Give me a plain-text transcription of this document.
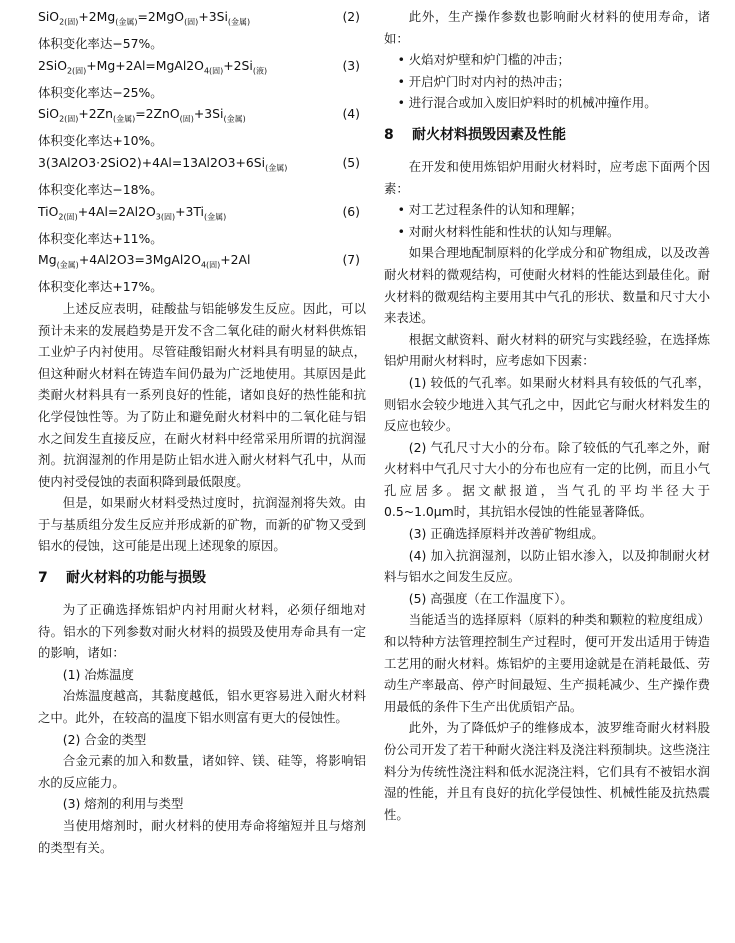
$SiO_{2(固)}+2Mg_{(金属)}=2MgO_{(固)}+3Si_{(金属)}$	(2)

体积变化率达−57%。

$2SiO_{2(固)}+Mg+2Al=MgAl2O_{4(固)}+2Si_{(液)}$	(3)

体积变化率达−25%。

$SiO_{2(固)}+2Zn_{(金属)}=2ZnO_{(固)}+3Si_{(金属)}$	(4)

体积变化率达+10%。

$3(3Al2O3\cdot 2SiO2)+4Al=13Al2O3+6Si_{(金属)}$	(5)

体积变化率达−18%。

$TiO_{2(固)}+4Al=2Al2O_{3(固)}+3Ti_{(金属)}$	(6)

体积变化率达+11%。

$Mg_{(金属)}+4Al2O3=3MgAl2O_{4(固)}+2Al$	(7)

体积变化率达+17%。

上述反应表明，硅酸盐与铝能够发生反应。因此，可以预计未来的发展趋势是开发不含二氧化硅的耐火材料供炼铝工业炉子内衬使用。尽管硅酸铝耐火材料具有明显的缺点，但这种耐火材料在铸造车间仍最为广泛地使用。其原因是此类耐火材料具有一系列良好的性能，诸如良好的热性能和抗化学侵蚀性等。为了防止和避免耐火材料中的二氧化硅与铝水之间发生直接反应，在耐火材料中经常采用所谓的抗润湿剂。抗润湿剂的作用是防止铝水进入耐火材料气孔中，从而使内衬受侵蚀的表面积降到最低限度。

但是，如果耐火材料受热过度时，抗润湿剂将失效。由于与基质组分发生反应并形成新的矿物，而新的矿物又受到铝水的侵蚀，这可能是出现上述现象的原因。

7 耐火材料的功能与损毁

为了正确选择炼铝炉内衬用耐火材料，必须仔细地对待。铝水的下列参数对耐火材料的损毁及使用寿命具有一定的影响，诸如：

(1) 冶炼温度

冶炼温度越高，其黏度越低，铝水更容易进入耐火材料之中。此外，在较高的温度下铝水则富有更大的侵蚀性。

(2) 合金的类型

合金元素的加入和数量，诸如锌、镁、硅等，将影响铝水的反应能力。

(3) 熔剂的利用与类型

当使用熔剂时，耐火材料的使用寿命将缩短并且与熔剂的类型有关。

此外，生产操作参数也影响耐火材料的使用寿命，诸如：

• 火焰对炉壁和炉门槛的冲击；
• 开启炉门时对内衬的热冲击；
• 进行混合或加入废旧炉料时的机械冲撞作用。
8 耐火材料损毁因素及性能

在开发和使用炼铝炉用耐火材料时，应考虑下面两个因素：

• 对工艺过程条件的认知和理解；
• 对耐火材料性能和性状的认知与理解。

如果合理地配制原料的化学成分和矿物组成，以及改善耐火材料的微观结构，可使耐火材料的性能达到最佳化。耐火材料的微观结构主要用其中气孔的形状、数量和尺寸大小来表述。

根据文献资料、耐火材料的研究与实践经验，在选择炼铝炉用耐火材料时，应考虑如下因素：

(1) 较低的气孔率。如果耐火材料具有较低的气孔率，则铝水会较少地进入其气孔之中，因此它与耐火材料发生的反应也较少。

(2) 气孔尺寸大小的分布。除了较低的气孔率之外，耐火材料中气孔尺寸大小的分布也应有一定的比例，而且小气孔应居多。据文献报道，当气孔的平均半径大于0.5~1.0μm时，其抗铝水侵蚀的性能显著降低。

(3) 正确选择原料并改善矿物组成。

(4) 加入抗润湿剂，以防止铝水渗入，以及抑制耐火材料与铝水之间发生反应。

(5) 高强度（在工作温度下）。

当能适当的选择原料（原料的种类和颗粒的粒度组成）和以特种方法管理控制生产过程时，便可开发出适用于铸造工艺用的耐火材料。炼铝炉的主要用途就是在消耗最低、劳动生产率最高、停产时间最短、生产损耗减少、生产操作费用最低的条件下生产出优质铝产品。

此外，为了降低炉子的维修成本，波罗维奇耐火材料股份公司开发了若干种耐火浇注料及浇注料预制块。这些浇注料分为传统性浇注料和低水泥浇注料，它们具有不被铝水润湿的性能，并且有良好的抗化学侵蚀性、机械性能及抗热震性。
